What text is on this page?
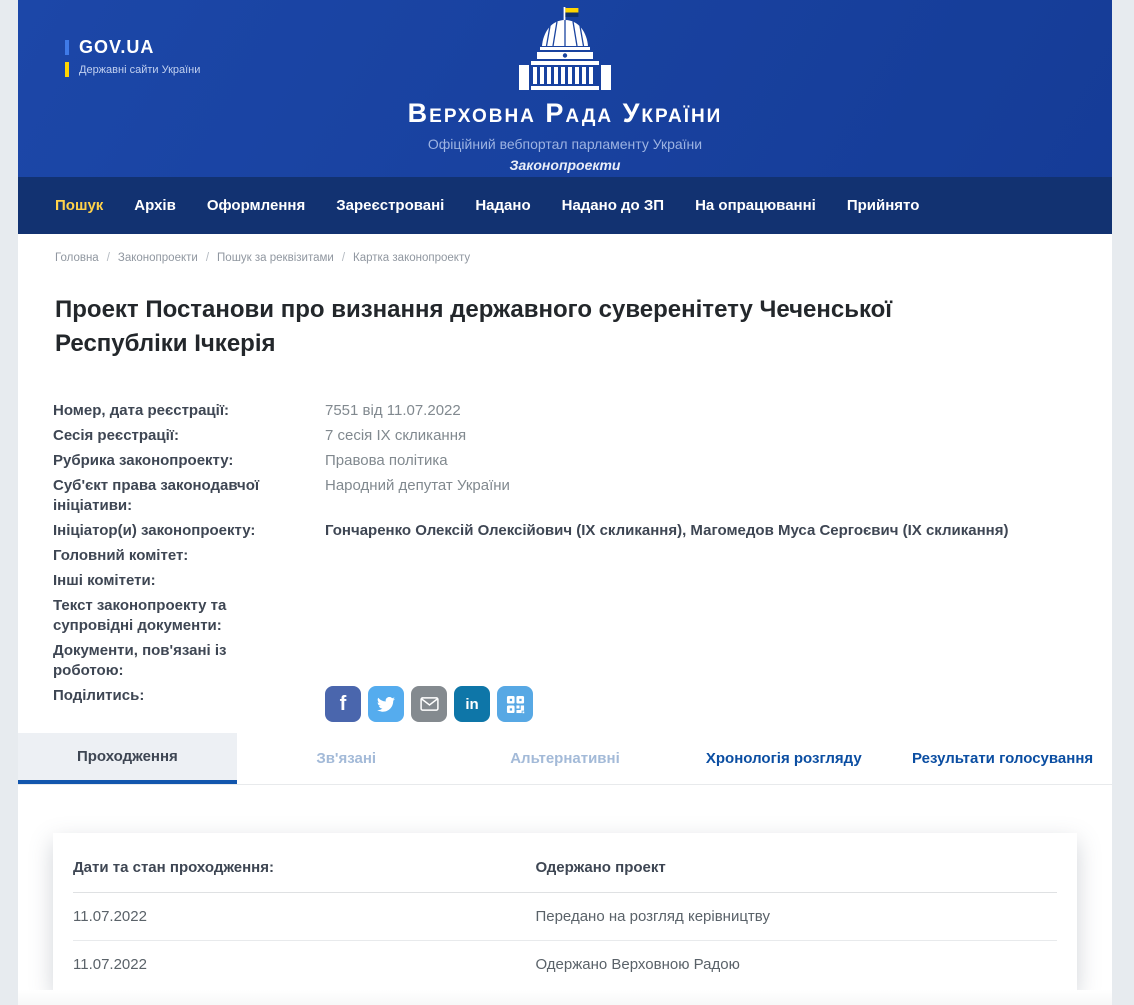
GOV.UA
Державні сайти України
Верховна Рада України
Офіційний вебпортал парламенту України
Законопроекти
Пошук Архів Оформлення Зареєстровані Надано Надано до ЗП На опрацюванні Прийнято
Головна /	Законопроекти /	Пошук за реквізитами /	Картка законопроекту
Проект Постанови про визнання державного суверенітету Чеченської Республіки Ічкерія
Номер, дата реєстрації:	7551 від 11.07.2022
Сесія реєстрації:	7 сесія IX скликання
Рубрика законопроекту:	Правова політика
Суб'єкт права законодавчої ініціативи:
Народний депутат України
Ініціатор(и) законопроекту:	Гончаренко Олексій Олексійович (ІХ скликання), Магомедов Муса Сергоєвич (ІХ скликання)
Головний комітет:
Інші комітети:
Текст законопроекту та супровідні документи:
Документи, пов'язані із роботою:
Поділитись:	f	in
Проходження	Зв'язані	Альтернативні	Хронологія розгляду	Результати голосування
Дати та стан проходження:	Одержано проект
11.07.2022	Передано на розгляд керівництву
11.07.2022	Одержано Верховною Радою
